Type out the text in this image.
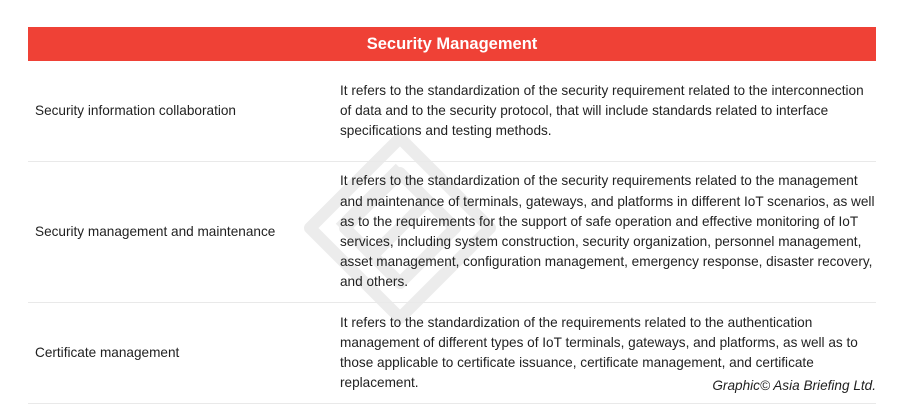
Security Management
Security information collaboration
It refers to the standardization of the security requirement related to the interconnection of data and to the security protocol, that will include standards related to interface specifications and testing methods.
Security management and maintenance
It refers to the standardization of the security requirements related to the management and maintenance of terminals, gateways, and platforms in different IoT scenarios, as well as to the requirements for the support of safe operation and effective monitoring of IoT services, including system construction, security organization, personnel management, asset management, configuration management, emergency response, disaster recovery, and others.
Certificate management
It refers to the standardization of the requirements related to the authentication management of different types of IoT terminals, gateways, and platforms, as well as to those applicable to certificate issuance, certificate management, and certificate replacement.	Graphic© Asia Briefing Ltd.
